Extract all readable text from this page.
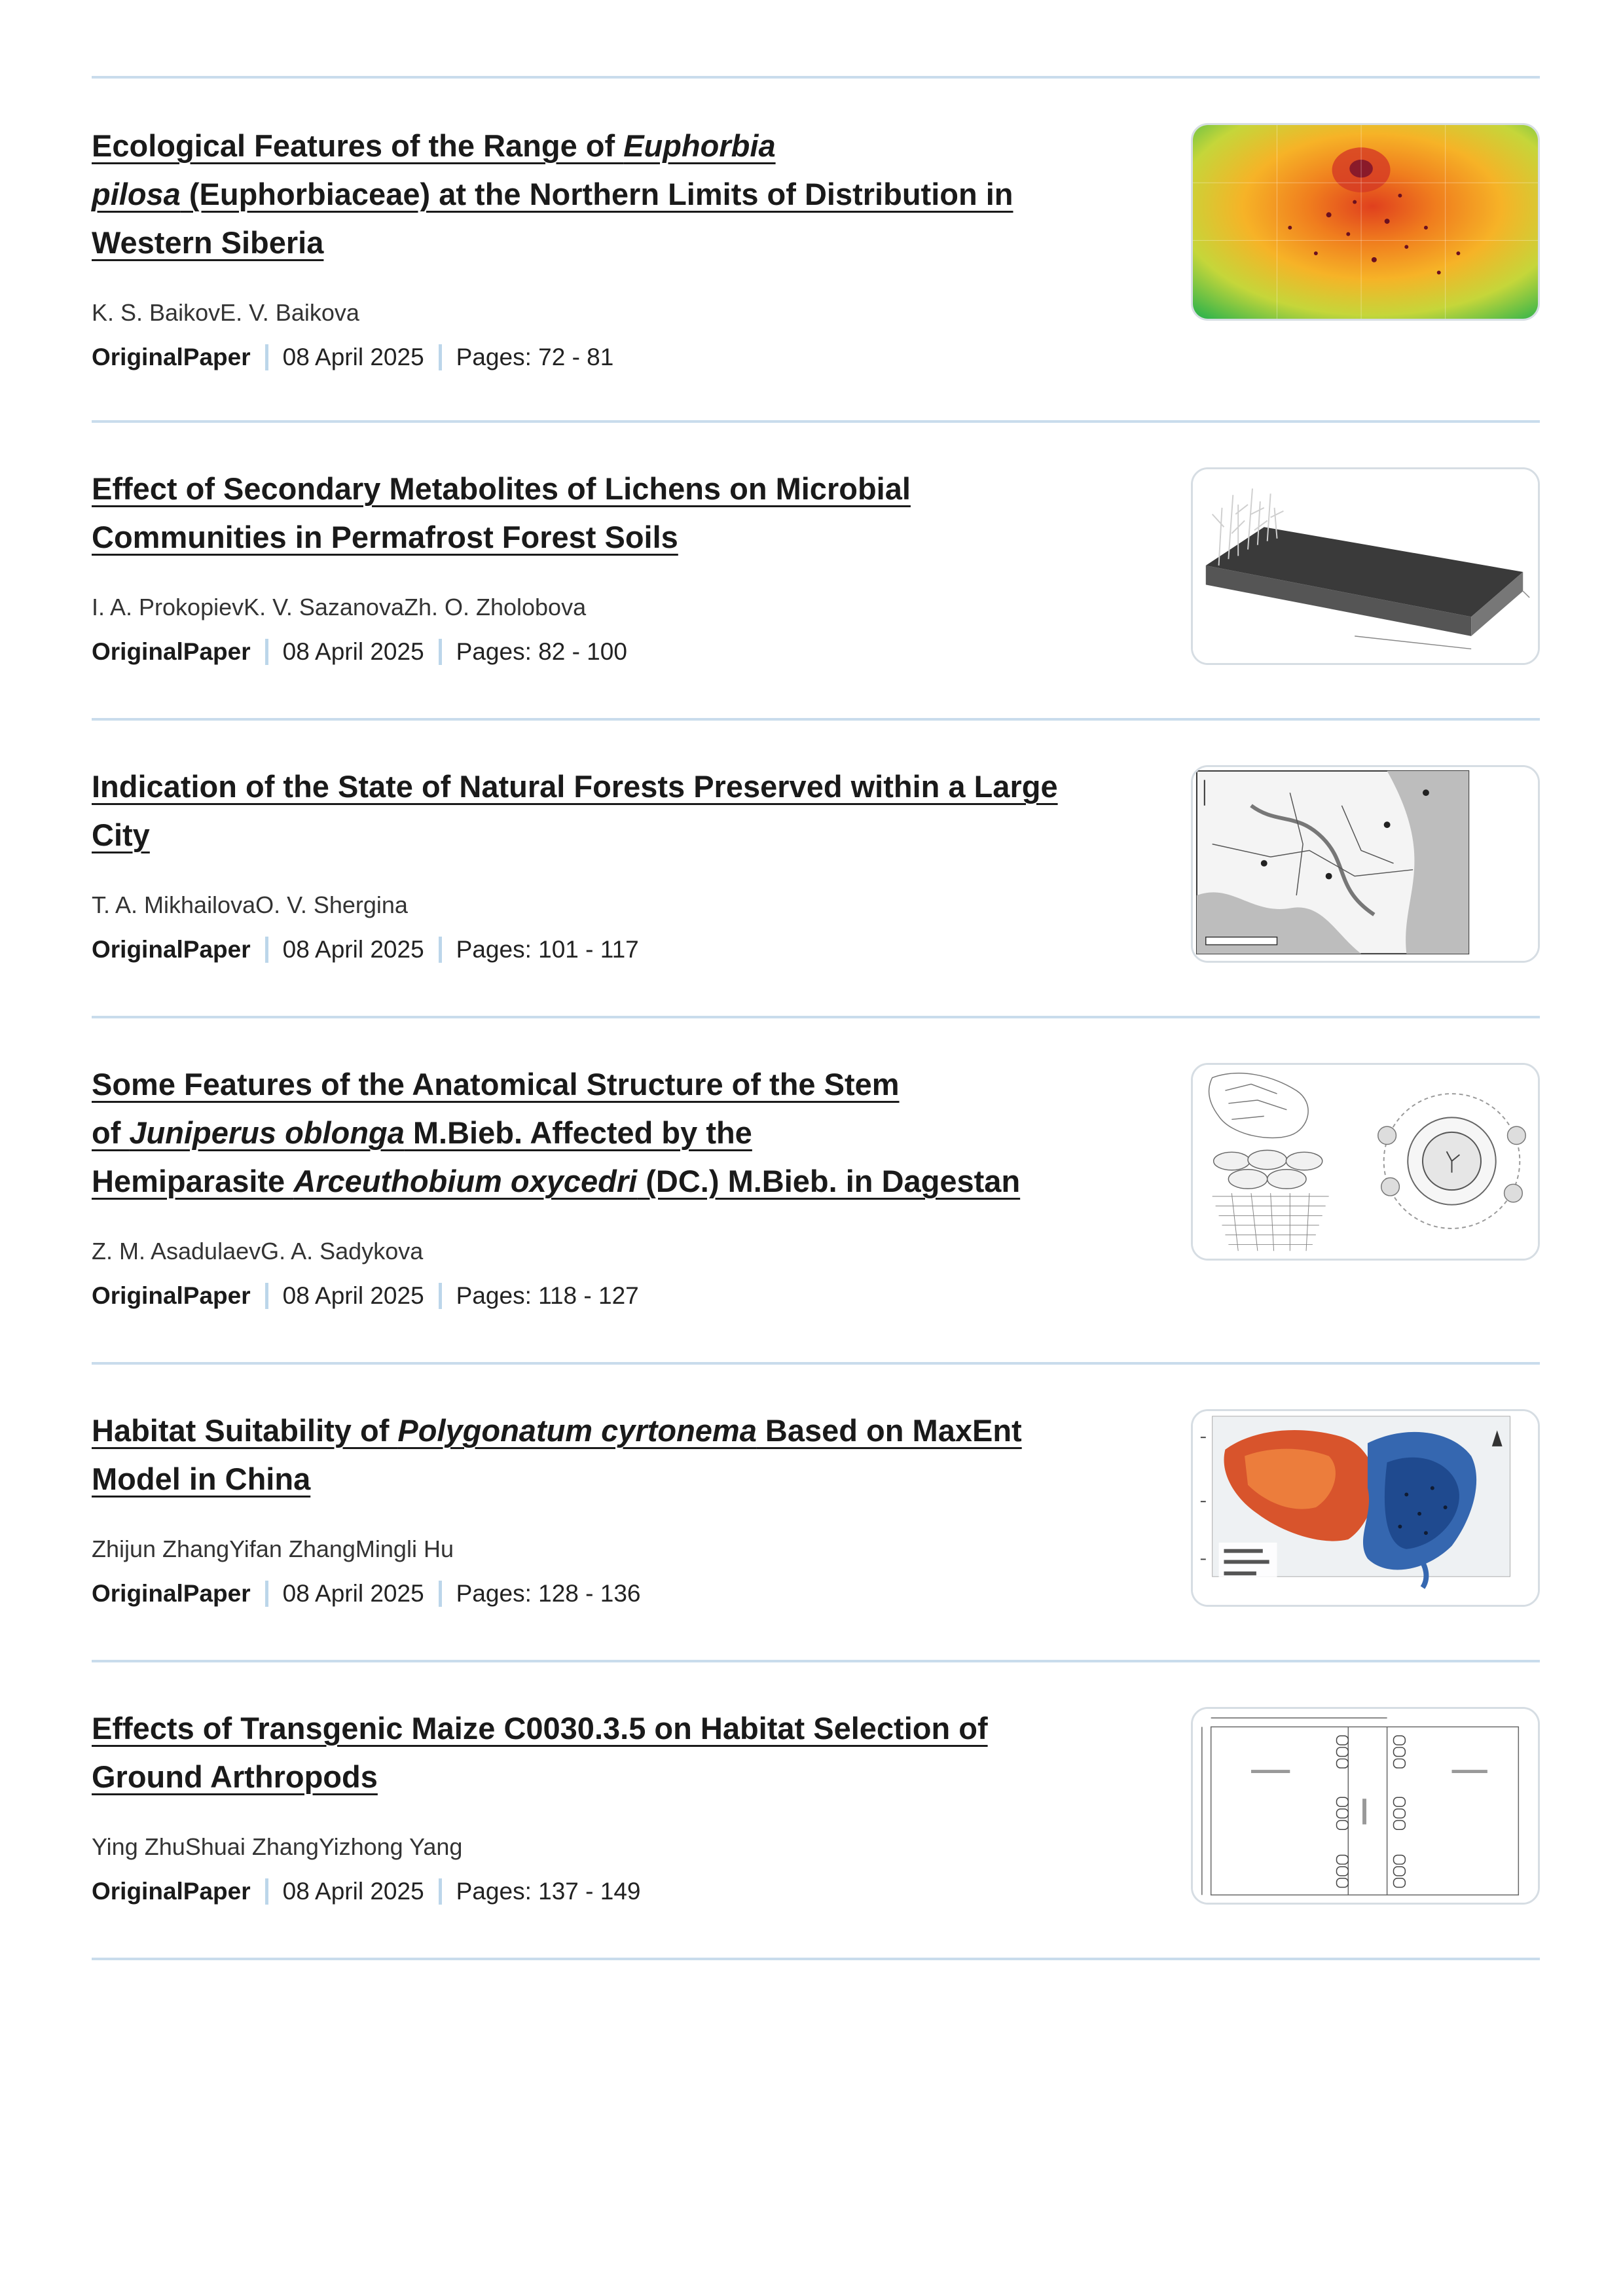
Ecological Features of the Range of Euphorbia
pilosa (Euphorbiaceae) at the Northern Limits of Distribution in
Western Siberia
K. S. BaikovE. V. Baikova
OriginalPaper 08 April 2025 Pages: 72 - 81
Effect of Secondary Metabolites of Lichens on Microbial
Communities in Permafrost Forest Soils
I. A. ProkopievK. V. SazanovaZh. O. Zholobova
OriginalPaper 08 April 2025 Pages: 82 - 100
Indication of the State of Natural Forests Preserved within a Large
City
T. A. MikhailovaO. V. Shergina
OriginalPaper 08 April 2025 Pages: 101 - 117
Some Features of the Anatomical Structure of the Stem
of Juniperus oblonga M.Bieb. Affected by the
Hemiparasite Arceuthobium oxycedri (DC.) M.Bieb. in Dagestan
Z. M. AsadulaevG. A. Sadykova
OriginalPaper 08 April 2025 Pages: 118 - 127
Habitat Suitability of Polygonatum cyrtonema Based on MaxEnt
Model in China
Zhijun ZhangYifan ZhangMingli Hu
OriginalPaper 08 April 2025 Pages: 128 - 136
Effects of Transgenic Maize C0030.3.5 on Habitat Selection of
Ground Arthropods
Ying ZhuShuai ZhangYizhong Yang
OriginalPaper 08 April 2025 Pages: 137 - 149
